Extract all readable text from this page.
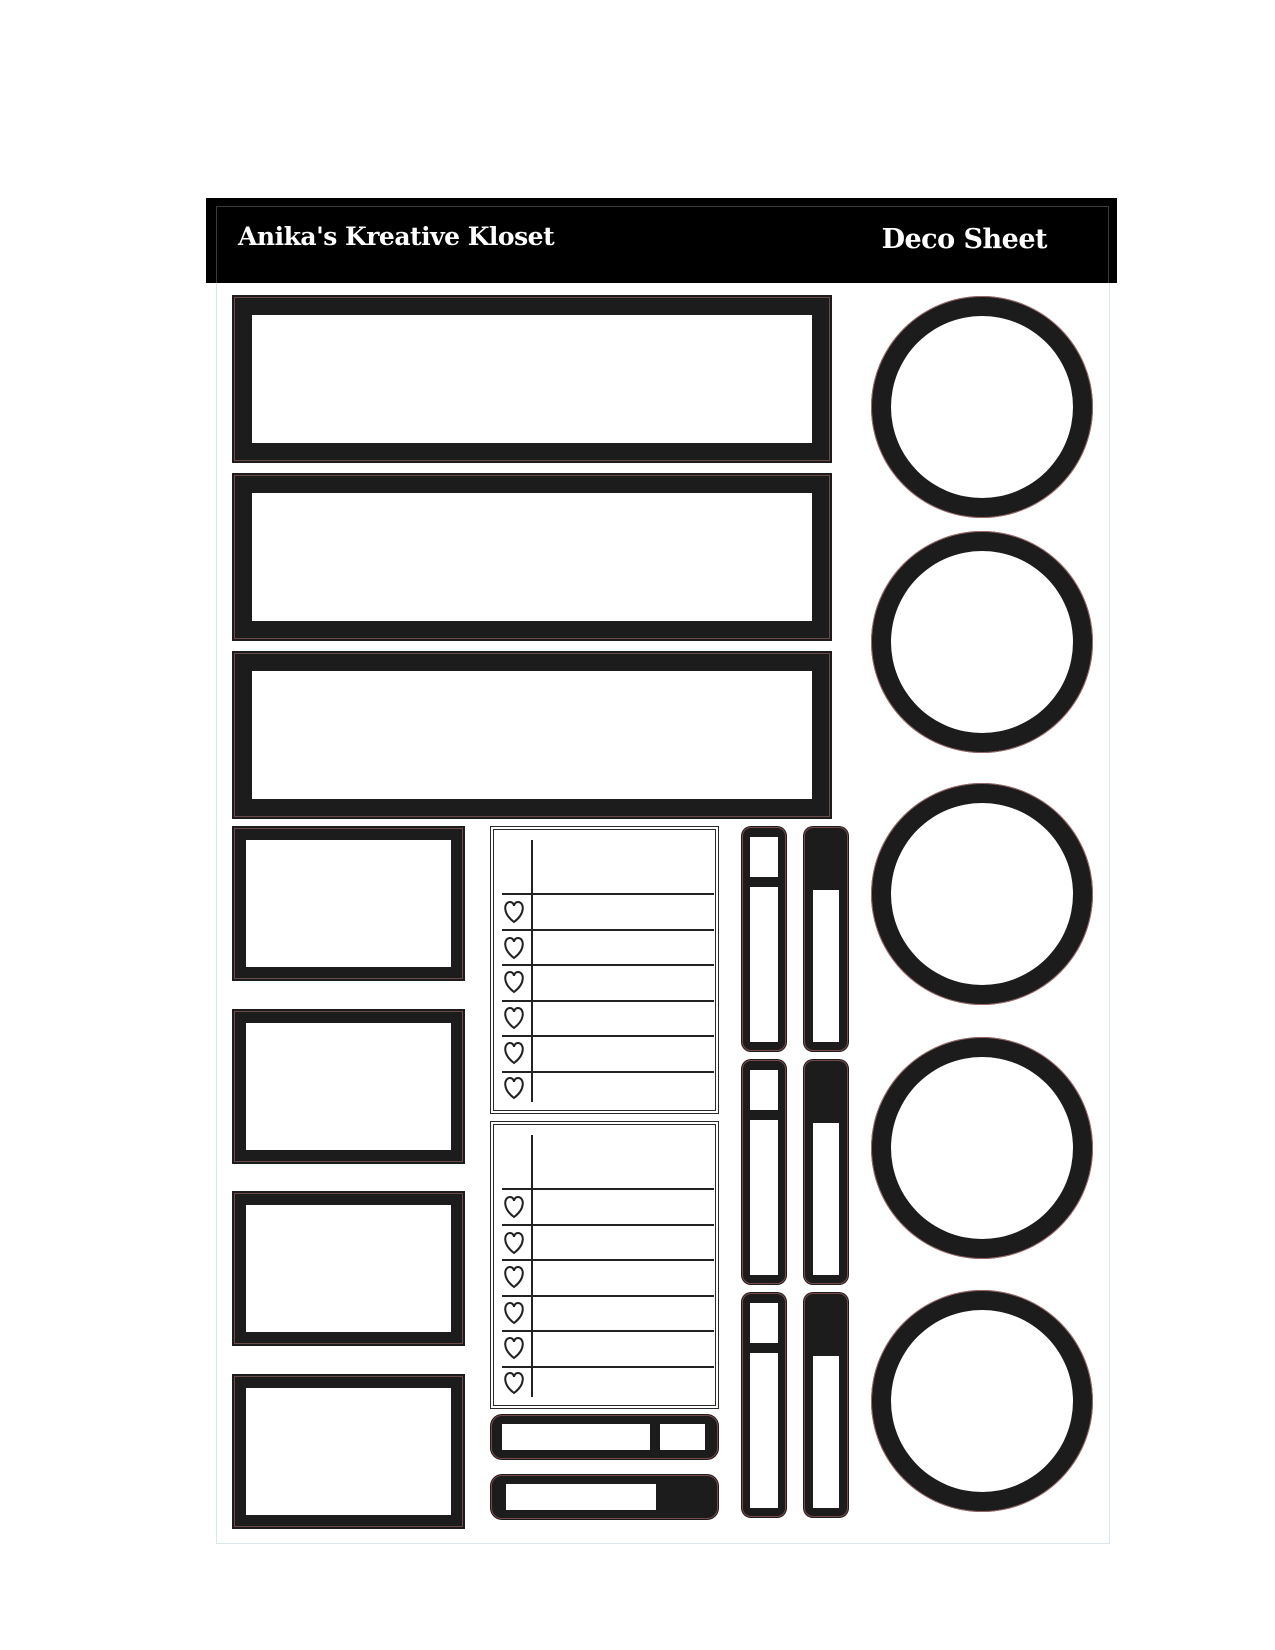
Anika's Kreative Kloset	Deco Sheet
